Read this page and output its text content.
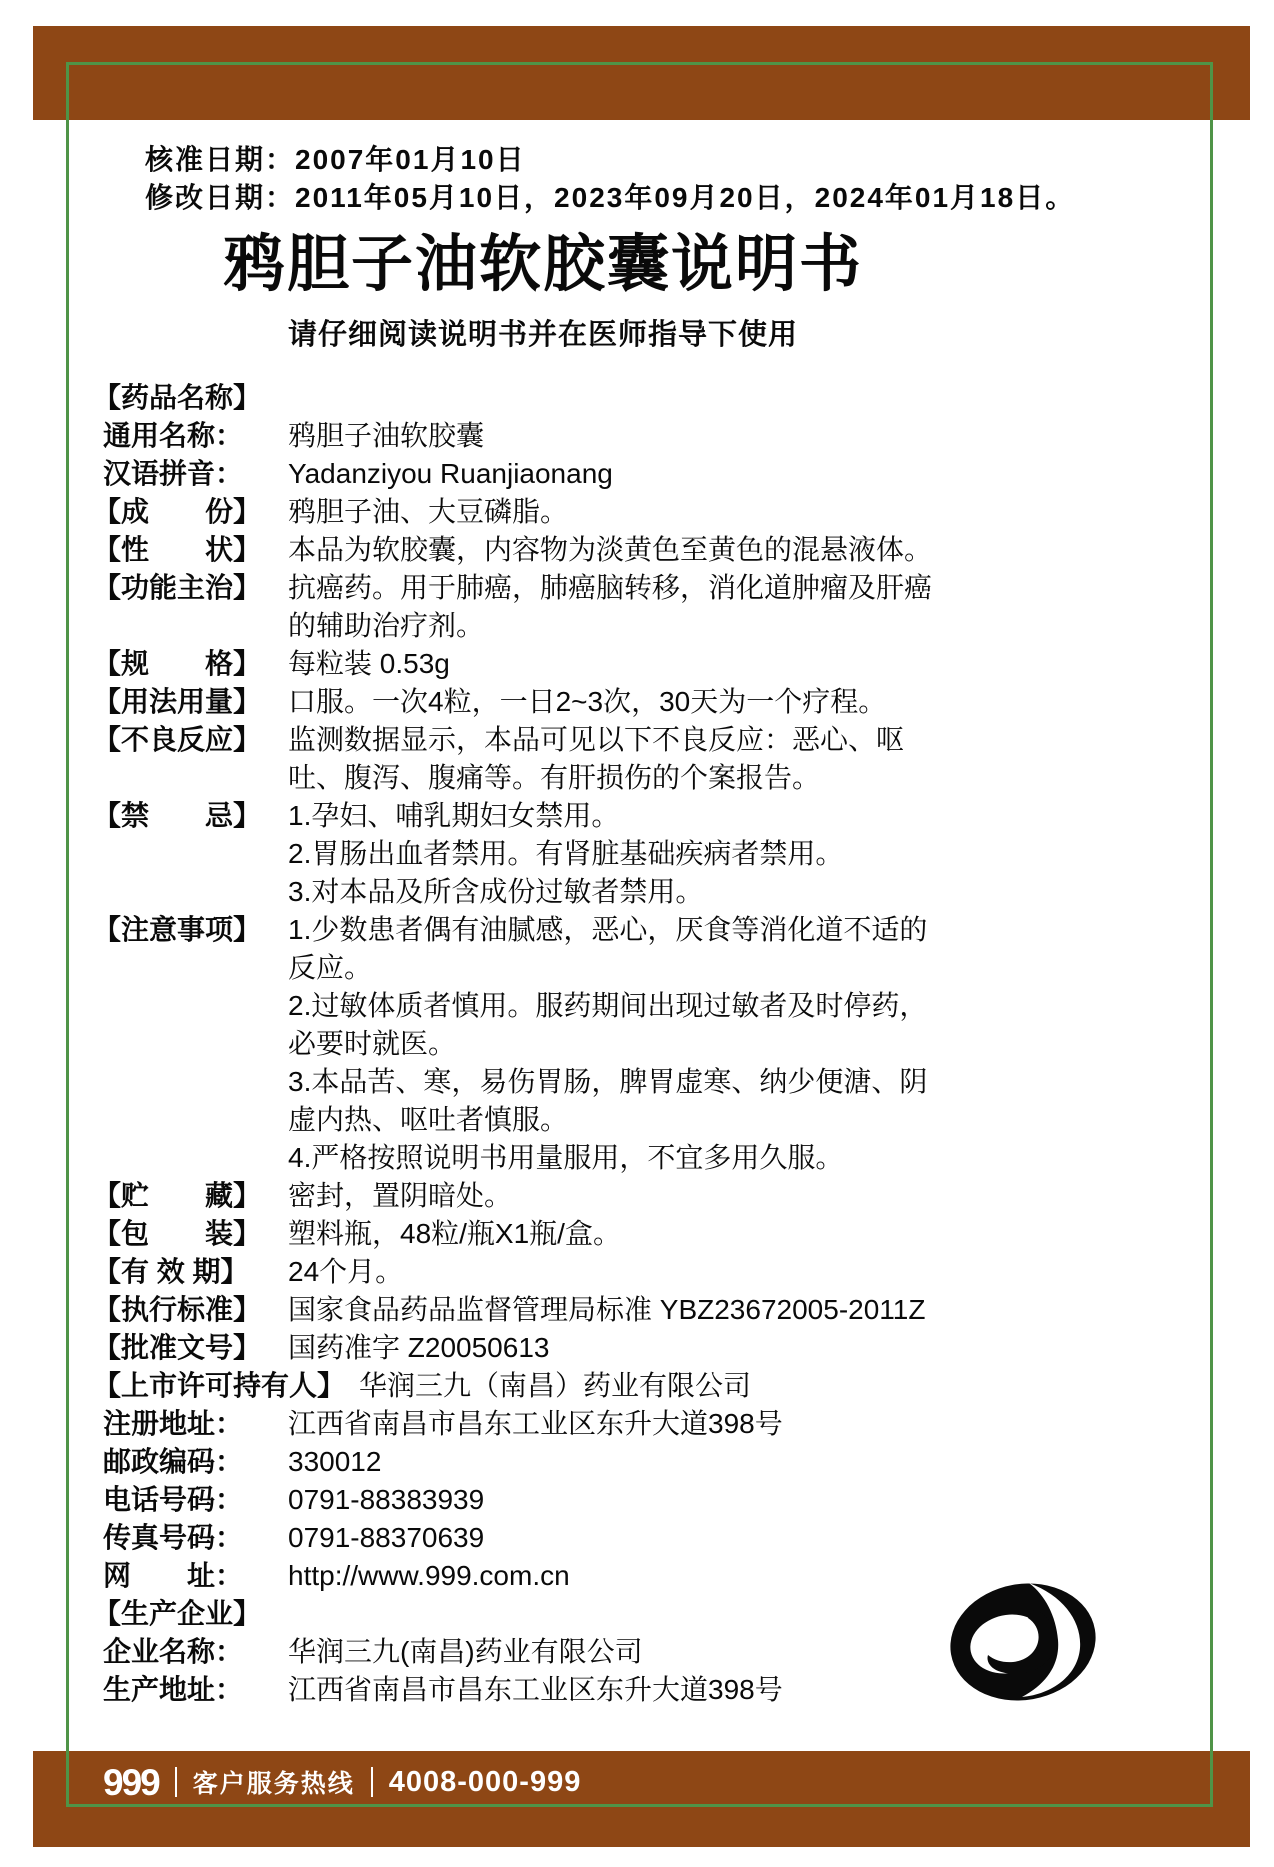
999 客户服务热线 4008-000-999
核准日期：2007年01月10日
修改日期：2011年05月10日，2023年09月20日，2024年01月18日。
鸦胆子油软胶囊说明书
请仔细阅读说明书并在医师指导下使用
【药品名称】
通用名称：	鸦胆子油软胶囊
汉语拼音：	Yadanziyou Ruanjiaonang
【成　　份】 鸦胆子油、大豆磷脂。
【性　　状】 本品为软胶囊，内容物为淡黄色至黄色的混悬液体。
【功能主治】 抗癌药。用于肺癌，肺癌脑转移，消化道肿瘤及肝癌的辅助治疗剂。
【规　　格】 每粒装 0.53g
【用法用量】 口服。一次4粒，一日2~3次，30天为一个疗程。
【不良反应】 监测数据显示，本品可见以下不良反应：恶心、呕吐、腹泻、腹痛等。有肝损伤的个案报告。
【禁　　忌】 1.孕妇、哺乳期妇女禁用。
2.胃肠出血者禁用。有肾脏基础疾病者禁用。
3.对本品及所含成份过敏者禁用。
【注意事项】 1.少数患者偶有油腻感，恶心，厌食等消化道不适的反应。
2.过敏体质者慎用。服药期间出现过敏者及时停药，必要时就医。
3.本品苦、寒，易伤胃肠，脾胃虚寒、纳少便溏、阴虚内热、呕吐者慎服。
4.严格按照说明书用量服用，不宜多用久服。
【贮　　藏】 密封，置阴暗处。
【包　　装】 塑料瓶，48粒/瓶X1瓶/盒。
【有 效 期】	24个月。
【执行标准】 国家食品药品监督管理局标准 YBZ23672005-2011Z
【批准文号】 国药准字 Z20050613
【上市许可持有人】 华润三九（南昌）药业有限公司
注册地址：	江西省南昌市昌东工业区东升大道398号
邮政编码：	330012
电话号码：	0791-88383939
传真号码：	0791-88370639
网　　址：	http://www.999.com.cn
【生产企业】
企业名称：	华润三九(南昌)药业有限公司
生产地址：	江西省南昌市昌东工业区东升大道398号
